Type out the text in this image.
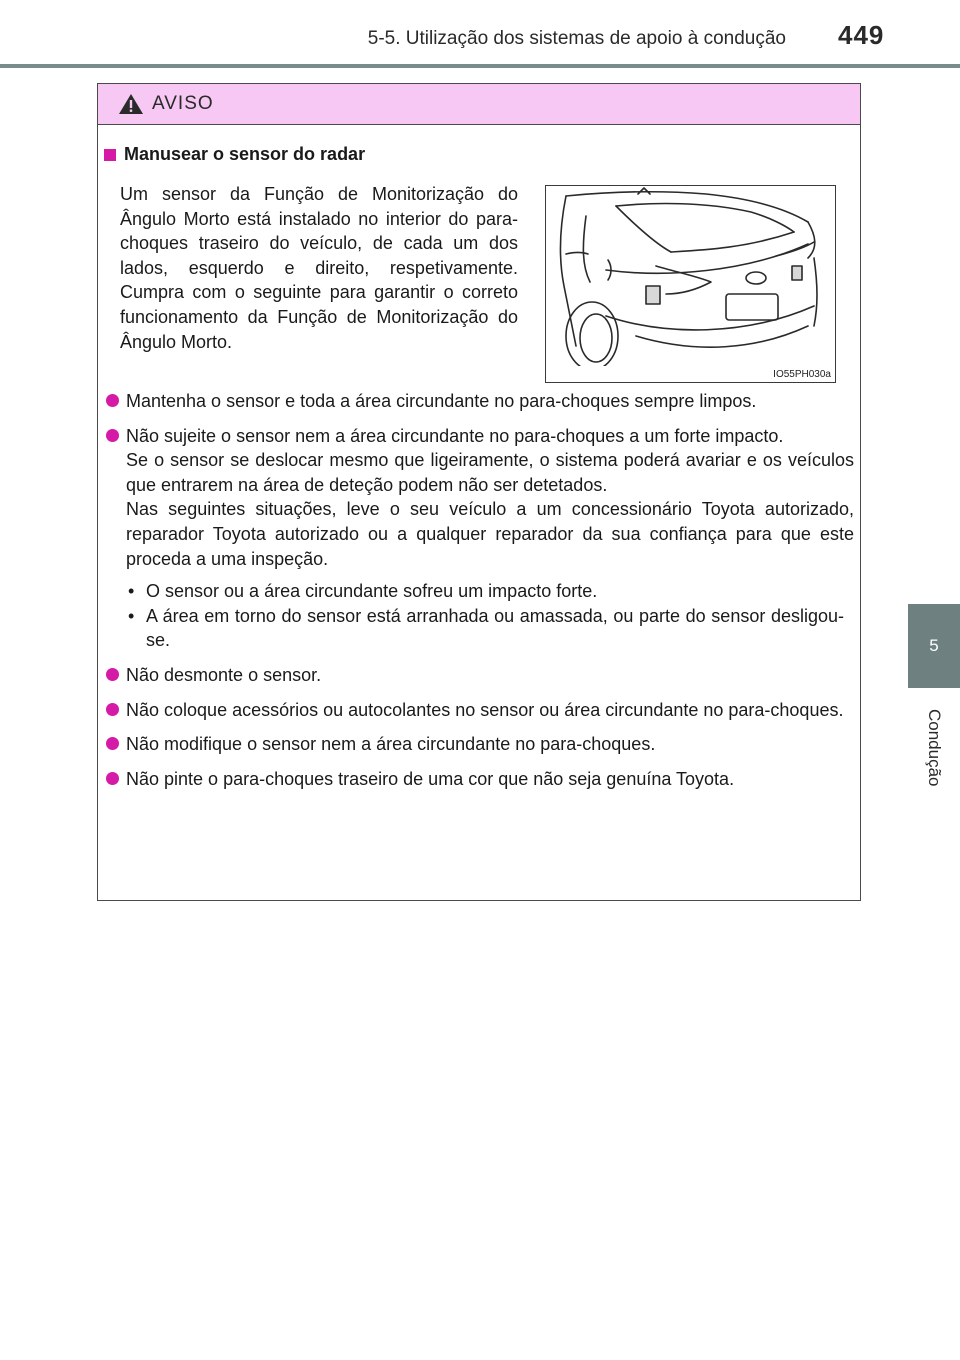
5-5. Utilização dos sistemas de apoio à condução 449
5
Condução
AVISO
Manusear o sensor do radar

Um sensor da Função de Monitorização do Ângulo Morto está instalado no interior do para-choques traseiro do veículo, de cada um dos lados, esquerdo e direito, respetivamente. Cumpra com o seguinte para garantir o correto funcionamento da Função de Monitorização do Ângulo Morto.

IO55PH030a

Mantenha o sensor e toda a área circundante no para-choques sempre limpos.

Não sujeite o sensor nem a área circundante no para-choques a um forte impacto.

Se o sensor se deslocar mesmo que ligeiramente, o sistema poderá avariar e os veículos que entrarem na área de deteção podem não ser detetados.

Nas seguintes situações, leve o seu veículo a um concessionário Toyota autorizado, reparador Toyota autorizado ou a qualquer reparador da sua confiança para que este proceda a uma inspeção.

• O sensor ou a área circundante sofreu um impacto forte.

• A área em torno do sensor está arranhada ou amassada, ou parte do sensor desligou-se.

Não desmonte o sensor.

Não coloque acessórios ou autocolantes no sensor ou área circundante no para-choques.

Não modifique o sensor nem a área circundante no para-choques.

Não pinte o para-choques traseiro de uma cor que não seja genuína Toyota.
